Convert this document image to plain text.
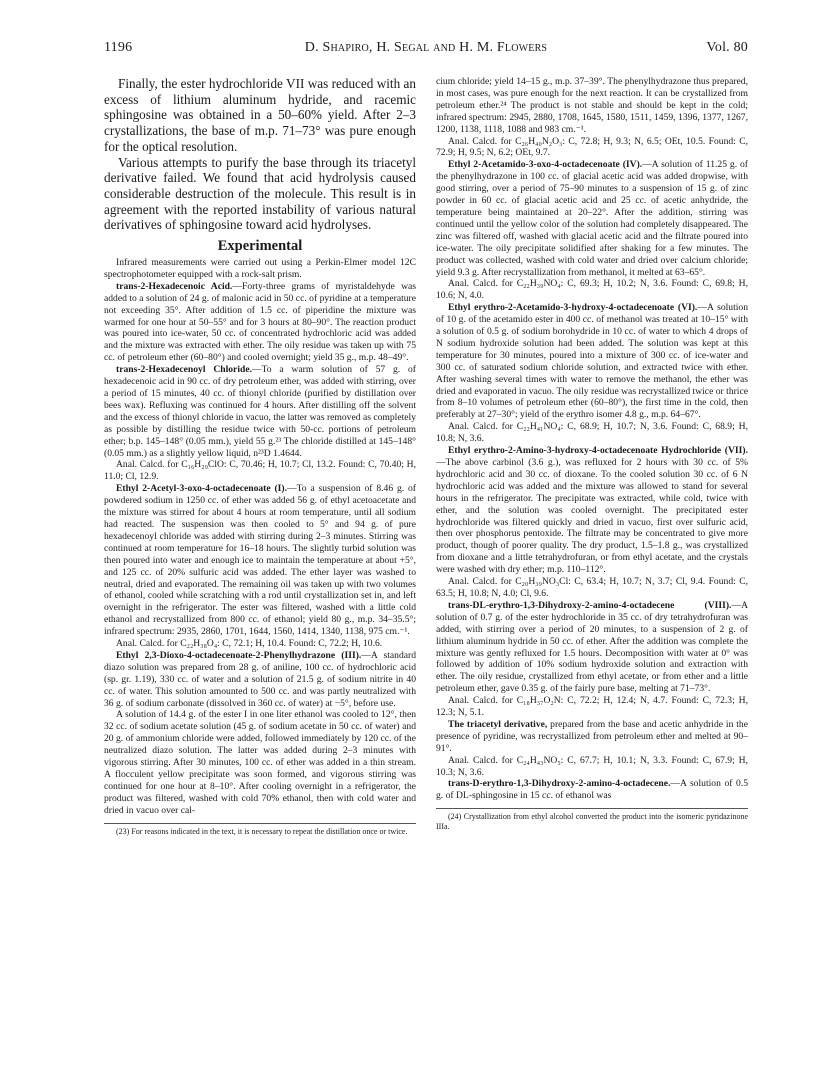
1196	D. Shapiro, H. Segal and H. M. Flowers	Vol. 80

Finally, the ester hydrochloride VII was reduced with an excess of lithium aluminum hydride, and racemic sphingosine was obtained in a 50–60% yield. After 2–3 crystallizations, the base of m.p. 71–73° was pure enough for the optical resolution.

Various attempts to purify the base through its triacetyl derivative failed. We found that acid hydrolysis caused considerable destruction of the molecule. This result is in agreement with the reported instability of various natural derivatives of sphingosine toward acid hydrolyses.

Experimental

Infrared measurements were carried out using a Perkin-Elmer model 12C spectrophotometer equipped with a rock-salt prism.

trans-2-Hexadecenoic Acid.—Forty-three grams of myristaldehyde was added to a solution of 24 g. of malonic acid in 50 cc. of pyridine at a temperature not exceeding 35°. After addition of 1.5 cc. of piperidine the mixture was warmed for one hour at 50–55° and for 3 hours at 80–90°. The reaction product was poured into ice-water, 50 cc. of concentrated hydrochloric acid was added and the mixture was extracted with ether. The oily residue was taken up with 75 cc. of petroleum ether (60–80°) and cooled overnight; yield 35 g., m.p. 48–49°.

trans-2-Hexadecenoyl Chloride.—To a warm solution of 57 g. of hexadecenoic acid in 90 cc. of dry petroleum ether, was added with stirring, over a period of 15 minutes, 40 cc. of thionyl chloride (purified by distillation over bees wax). Refluxing was continued for 4 hours. After distilling off the solvent and the excess of thionyl chloride in vacuo, the latter was removed as completely as possible by distilling the residue twice with 50-cc. portions of petroleum ether; b.p. 145–148° (0.05 mm.), yield 55 g.²³ The chloride distilled at 145–148° (0.05 mm.) as a slightly yellow liquid, n²³D 1.4644.

Anal. Calcd. for C₁₆H₂₉ClO: C, 70.46; H, 10.7; Cl, 13.2. Found: C, 70.40; H, 11.0; Cl, 12.9.

Ethyl 2-Acetyl-3-oxo-4-octadecenoate (I).—To a suspension of 8.46 g. of powdered sodium in 1250 cc. of ether was added 56 g. of ethyl acetoacetate and the mixture was stirred for about 4 hours at room temperature, until all sodium had reacted. The suspension was then cooled to 5° and 94 g. of pure hexadecenoyl chloride was added with stirring during 2–3 minutes. Stirring was continued at room temperature for 16–18 hours. The slightly turbid solution was then poured into water and enough ice to maintain the temperature at about +5°, and 125 cc. of 20% sulfuric acid was added. The ether layer was washed to neutral, dried and evaporated. The remaining oil was taken up with two volumes of ethanol, cooled while scratching with a rod until crystallization set in, and left overnight in the refrigerator. The ester was filtered, washed with a little cold ethanol and recrystallized from 800 cc. of ethanol; yield 80 g., m.p. 34–35.5°; infrared spectrum: 2935, 2860, 1701, 1644, 1560, 1414, 1340, 1138, 975 cm.⁻¹.

Anal. Calcd. for C₂₂H₃₈O₄: C, 72.1; H, 10.4. Found: C, 72.2; H, 10.6.

Ethyl 2,3-Dioxo-4-octadecenoate-2-Phenylhydrazone (III).—A standard diazo solution was prepared from 28 g. of aniline, 100 cc. of hydrochloric acid (sp. gr. 1.19), 330 cc. of water and a solution of 21.5 g. of sodium nitrite in 40 cc. of water. This solution amounted to 500 cc. and was partly neutralized with 36 g. of sodium carbonate (dissolved in 360 cc. of water) at −5°, before use.

A solution of 14.4 g. of the ester I in one liter ethanol was cooled to 12°, then 32 cc. of sodium acetate solution (45 g. of sodium acetate in 50 cc. of water) and 20 g. of ammonium chloride were added, followed immediately by 120 cc. of the neutralized diazo solution. The latter was added during 2–3 minutes with vigorous stirring. After 30 minutes, 100 cc. of ether was added in a thin stream. A flocculent yellow precipitate was soon formed, and vigorous stirring was continued for one hour at 8–10°. After cooling overnight in a refrigerator, the product was filtered, washed with cold 70% ethanol, then with cold water and dried in vacuo over cal-

(23) For reasons indicated in the text, it is necessary to repeat the distillation once or twice.

cium chloride; yield 14–15 g., m.p. 37–39°. The phenylhydrazone thus prepared, in most cases, was pure enough for the next reaction. It can be crystallized from petroleum ether.²⁴ The product is not stable and should be kept in the cold; infrared spectrum: 2945, 2880, 1708, 1645, 1580, 1511, 1459, 1396, 1377, 1267, 1200, 1138, 1118, 1088 and 983 cm.⁻¹.

Anal. Calcd. for C₂₆H₄₀N₂O₃: C, 72.8; H, 9.3; N, 6.5; OEt, 10.5. Found: C, 72.9; H, 9.5; N, 6.2; OEt, 9.7.

Ethyl 2-Acetamido-3-oxo-4-octadecenoate (IV).—A solution of 11.25 g. of the phenylhydrazone in 100 cc. of glacial acetic acid was added dropwise, with good stirring, over a period of 75–90 minutes to a suspension of 15 g. of zinc powder in 60 cc. of glacial acetic acid and 25 cc. of acetic anhydride, the temperature being maintained at 20–22°. After the addition, stirring was continued until the yellow color of the solution had completely disappeared. The zinc was filtered off, washed with glacial acetic acid and the filtrate poured into ice-water. The oily precipitate solidified after shaking for a few minutes. The product was collected, washed with cold water and dried over calcium chloride; yield 9.3 g. After recrystallization from methanol, it melted at 63–65°.

Anal. Calcd. for C₂₂H₃₉NO₄: C, 69.3; H, 10.2; N, 3.6. Found: C, 69.8; H, 10.6; N, 4.0.

Ethyl erythro-2-Acetamido-3-hydroxy-4-octadecenoate (VI).—A solution of 10 g. of the acetamido ester in 400 cc. of methanol was treated at 10–15° with a solution of 0.5 g. of sodium borohydride in 10 cc. of water to which 4 drops of N sodium hydroxide solution had been added. The solution was kept at this temperature for 30 minutes, poured into a mixture of 300 cc. of ice-water and 300 cc. of saturated sodium chloride solution, and extracted twice with ether. After washing several times with water to remove the methanol, the ether was dried and evaporated in vacuo. The oily residue was recrystallized twice or thrice from 8–10 volumes of petroleum ether (60–80°), the first time in the cold, then preferably at 27–30°; yield of the erythro isomer 4.8 g., m.p. 64–67°.

Anal. Calcd. for C₂₂H₄₁NO₄: C, 68.9; H, 10.7; N, 3.6. Found: C, 68.9; H, 10.8; N, 3.6.

Ethyl erythro-2-Amino-3-hydroxy-4-octadecenoate Hydrochloride (VII).—The above carbinol (3.6 g.), was refluxed for 2 hours with 30 cc. of 5% hydrochloric acid and 30 cc. of dioxane. To the cooled solution 30 cc. of 6 N hydrochloric acid was added and the mixture was allowed to stand for several hours in the refrigerator. The precipitate was extracted, while cold, twice with ether, and the solution was cooled overnight. The precipitated ester hydrochloride was filtered quickly and dried in vacuo, first over sulfuric acid, then over phosphorus pentoxide. The filtrate may be concentrated to give more product, though of poorer quality. The dry product, 1.5–1.8 g., was crystallized from dioxane and a little tetrahydrofuran, or from ethyl acetate, and the crystals were washed with dry ether; m.p. 110–112°.

Anal. Calcd. for C₂₀H₃₉NO₃Cl: C, 63.4; H, 10.7; N, 3.7; Cl, 9.4. Found: C, 63.5; H, 10.8; N, 4.0; Cl, 9.6.

trans-DL-erythro-1,3-Dihydroxy-2-amino-4-octadecene (VIII).—A solution of 0.7 g. of the ester hydrochloride in 35 cc. of dry tetrahydrofuran was added, with stirring over a period of 20 minutes, to a suspension of 2 g. of lithium aluminum hydride in 50 cc. of ether. After the addition was complete the mixture was gently refluxed for 1.5 hours. Decomposition with water at 0° was followed by addition of 10% sodium hydroxide solution and extraction with ether. The oily residue, crystallized from ethyl acetate, or from ether and a little petroleum ether, gave 0.35 g. of the fairly pure base, melting at 71–73°.

Anal. Calcd. for C₁₈H₃₇O₂N: C, 72.2; H, 12.4; N, 4.7. Found: C, 72.3; H, 12.3; N, 5.1.

The triacetyl derivative, prepared from the base and acetic anhydride in the presence of pyridine, was recrystallized from petroleum ether and melted at 90–91°.

Anal. Calcd. for C₂₄H₄₃NO₅: C, 67.7; H, 10.1; N, 3.3. Found: C, 67.9; H, 10.3; N, 3.6.

trans-D-erythro-1,3-Dihydroxy-2-amino-4-octadecene.—A solution of 0.5 g. of DL-sphingosine in 15 cc. of ethanol was

(24) Crystallization from ethyl alcohol converted the product into the isomeric pyridazinone IIIa.
